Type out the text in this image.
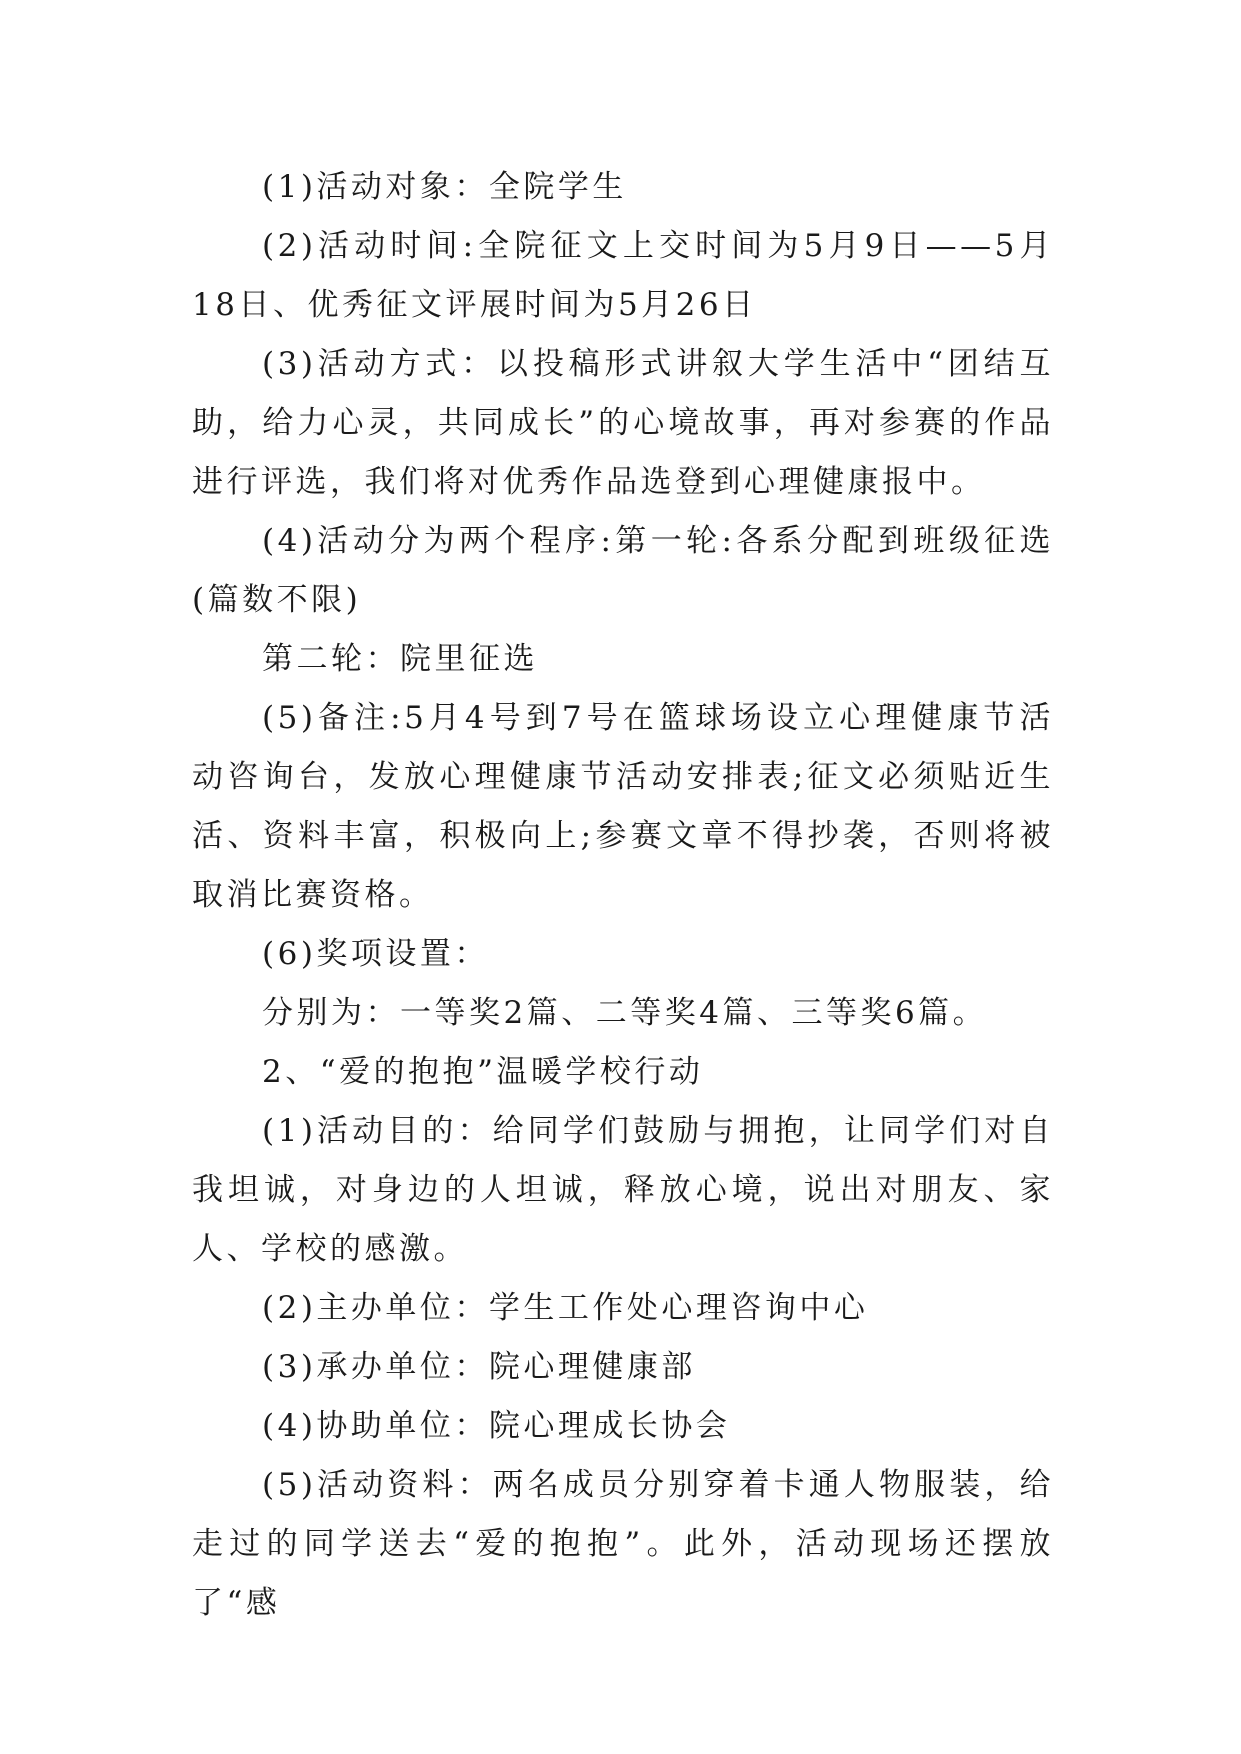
(1)活动对象：全院学生

(2)活动时间:全院征文上交时间为5月9日——5月18日、优秀征文评展时间为5月26日

(3)活动方式：以投稿形式讲叙大学生活中“团结互助，给力心灵，共同成长”的心境故事，再对参赛的作品进行评选，我们将对优秀作品选登到心理健康报中。

(4)活动分为两个程序:第一轮:各系分配到班级征选(篇数不限)

第二轮：院里征选

(5)备注:5月4号到7号在篮球场设立心理健康节活动咨询台，发放心理健康节活动安排表;征文必须贴近生活、资料丰富，积极向上;参赛文章不得抄袭，否则将被取消比赛资格。

(6)奖项设置：

分别为：一等奖2篇、二等奖4篇、三等奖6篇。

2、“爱的抱抱”温暖学校行动

(1)活动目的：给同学们鼓励与拥抱，让同学们对自我坦诚，对身边的人坦诚，释放心境，说出对朋友、家人、学校的感激。

(2)主办单位：学生工作处心理咨询中心

(3)承办单位：院心理健康部

(4)协助单位：院心理成长协会

(5)活动资料：两名成员分别穿着卡通人物服装，给走过的同学送去“爱的抱抱”。此外，活动现场还摆放了“感
